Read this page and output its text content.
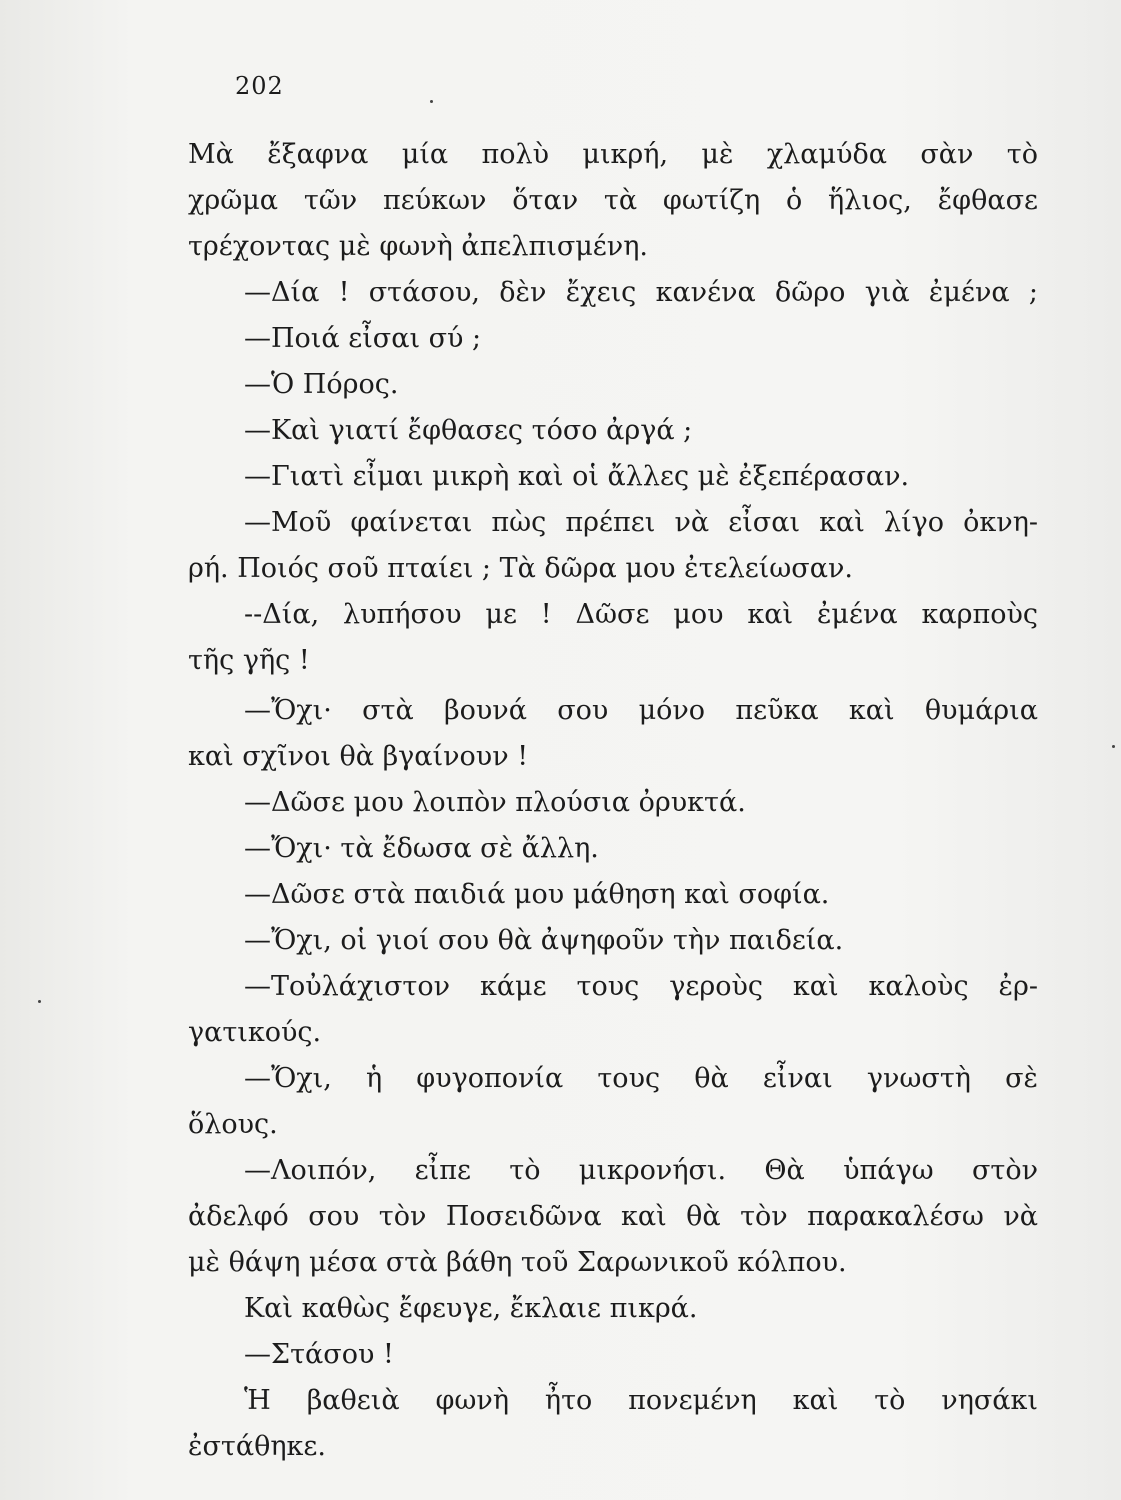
202
Μὰ ἔξαφνα μία πολὺ μικρή, μὲ χλαμύδα σὰν τὸ
χρῶμα τῶν πεύκων ὅταν τὰ φωτίζη ὁ ἥλιος, ἔφθασε
τρέχοντας μὲ φωνὴ ἀπελπισμένη.
—Δία ! στάσου, δὲν ἔχεις κανένα δῶρο γιὰ ἐμένα ;
—Ποιά εἶσαι σύ ;
—Ὁ Πόρος.
—Καὶ γιατί ἔφθασες τόσο ἀργά ;
—Γιατὶ εἶμαι μικρὴ καὶ οἱ ἄλλες μὲ ἐξεπέρασαν.
—Μοῦ φαίνεται πὼς πρέπει νὰ εἶσαι καὶ λίγο ὀκνη-
ρή. Ποιός σοῦ πταίει ; Τὰ δῶρα μου ἐτελείωσαν.
--Δία, λυπήσου με ! Δῶσε μου καὶ ἐμένα καρποὺς
τῆς γῆς !
—Ὄχι· στὰ βουνά σου μόνο πεῦκα καὶ θυμάρια
καὶ σχῖνοι θὰ βγαίνουν !
—Δῶσε μου λοιπὸν πλούσια ὀρυκτά.
—Ὄχι· τὰ ἔδωσα σὲ ἄλλη.
—Δῶσε στὰ παιδιά μου μάθηση καὶ σοφία.
—Ὄχι, οἱ γιοί σου θὰ ἀψηφοῦν τὴν παιδεία.
—Τοὐλάχιστον κάμε τους γεροὺς καὶ καλοὺς ἐρ-
γατικούς.
—Ὄχι, ἡ φυγοπονία τους θὰ εἶναι γνωστὴ σὲ
ὅλους.
—Λοιπόν, εἶπε τὸ μικρονήσι. Θὰ ὑπάγω στὸν
ἀδελφό σου τὸν Ποσειδῶνα καὶ θὰ τὸν παρακαλέσω νὰ
μὲ θάψη μέσα στὰ βάθη τοῦ Σαρωνικοῦ κόλπου.
Καὶ καθὼς ἔφευγε, ἔκλαιε πικρά.
—Στάσου !
Ἡ βαθειὰ φωνὴ ἦτο πονεμένη καὶ τὸ νησάκι
ἐστάθηκε.
